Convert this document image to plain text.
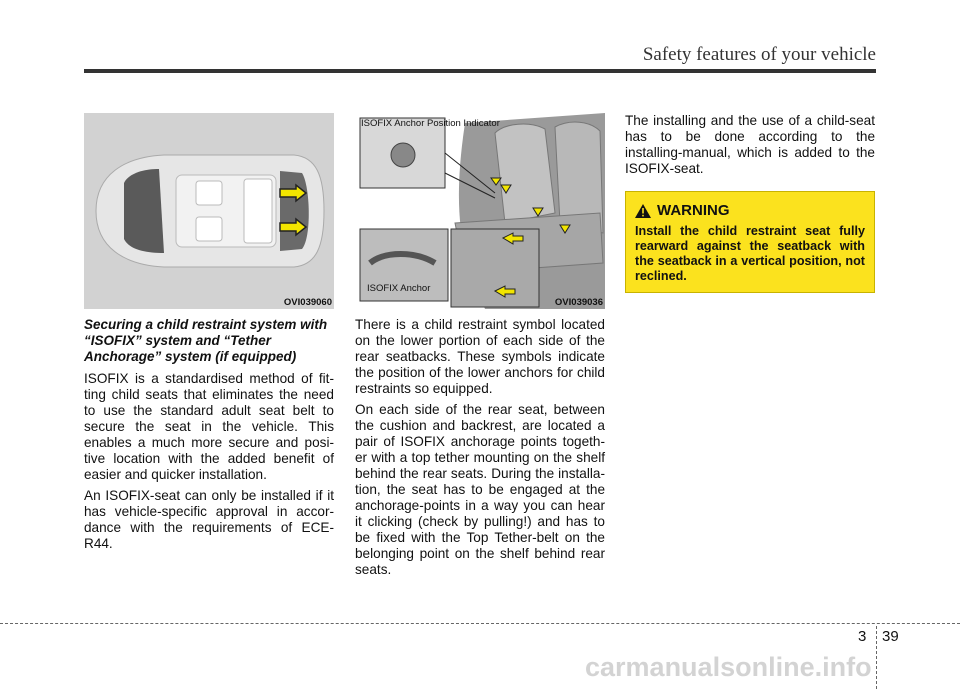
Safety features of your vehicle
OVI039060
Securing a child restraint system with “ISOFIX” system and “Tether Anchorage” system (if equipped)

ISOFIX is a standardised method of fit-ting child seats that eliminates the need to use the standard adult seat belt to secure the seat in the vehicle. This enables a much more secure and posi-tive location with the added benefit of easier and quicker installation.

An ISOFIX-seat can only be installed if it has vehicle-specific approval in accor-dance with the requirements of ECE-R44.

ISOFIX Anchor Position Indicator
ISOFIX Anchor
OVI039036

There is a child restraint symbol located on the lower portion of each side of the rear seatbacks. These symbols indicate the position of the lower anchors for child restraints so equipped.

On each side of the rear seat, between the cushion and backrest, are located a pair of ISOFIX anchorage points togeth-er with a top tether mounting on the shelf behind the rear seats. During the installa-tion, the seat has to be engaged at the anchorage-points in a way you can hear it clicking (check by pulling!) and has to be fixed with the Top Tether-belt on the belonging point on the shelf behind rear seats.

The installing and the use of a child-seat has to be done according to the installing-manual, which is added to the ISOFIX-seat.

WARNING
Install the child restraint seat fully rearward against the seatback with the seatback in a vertical position, not reclined.
3 39
carmanualsonline.info
